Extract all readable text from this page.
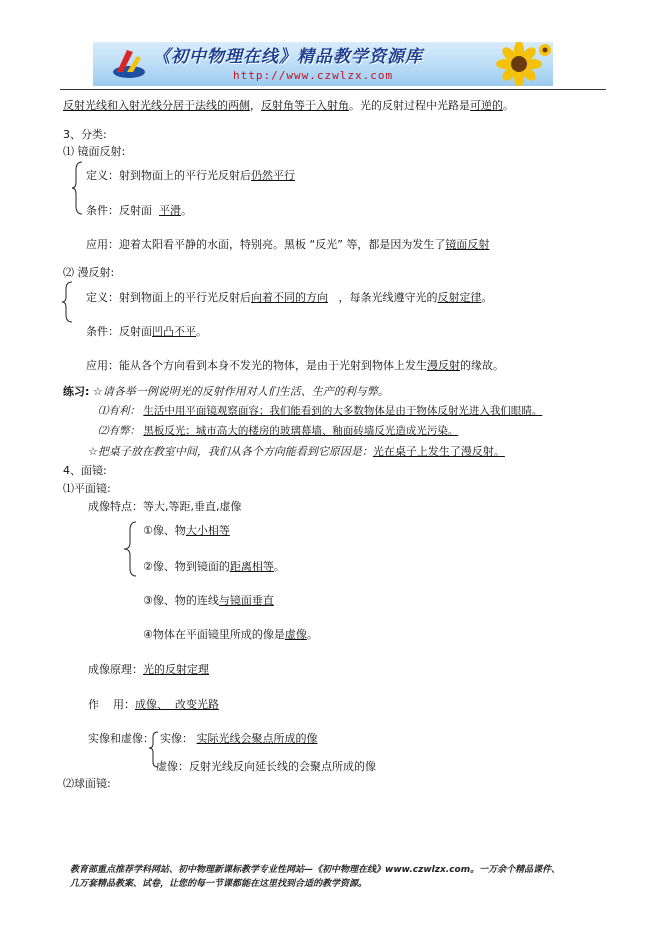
《初中物理在线》精品教学资源库
http://www.czwlzx.com
反射光线和入射光线分居于法线的两侧，反射角等于入射角。光的反射过程中光路是可逆的。
3、分类:
⑴ 镜面反射:
定义：射到物面上的平行光反射后仍然平行
条件：反射面 平滑。
应用：迎着太阳看平静的水面，特别亮。黑板 “反光” 等，都是因为发生了镜面反射
⑵ 漫反射:
定义：射到物面上的平行光反射后向着不同的方向 ，每条光线遵守光的反射定律。
条件：反射面凹凸不平。
应用：能从各个方向看到本身不发光的物体，是由于光射到物体上发生漫反射的缘故。
练习: ☆请各举一例说明光的反射作用对人们生活、生产的利与弊。
⑴有利： 生活中用平面镜观察面容；我们能看到的大多数物体是由于物体反射光进入我们眼睛。
⑵有弊： 黑板反光；城市高大的楼房的玻璃幕墙、釉面砖墙反光造成光污染。
☆把桌子放在教室中间，我们从各个方向能看到它原因是：光在桌子上发生了漫反射。
4、面镜:
⑴平面镜:
成像特点：等大,等距,垂直,虚像
①像、物大小相等
②像、物到镜面的距离相等。
③像、物的连线与镜面垂直
④物体在平面镜里所成的像是虚像。
成像原理：光的反射定理
作    用：成像、  改变光路
实像和虚像： 实像： 实际光线会聚点所成的像
虚像：反射光线反向延长线的会聚点所成的像
⑵球面镜:
教育部重点推荐学科网站、初中物理新课标教学专业性网站—《初中物理在线》www.czwlzx.com。一万余个精品课件、
几万套精品教案、试卷，让您的每一节课都能在这里找到合适的教学资源。
